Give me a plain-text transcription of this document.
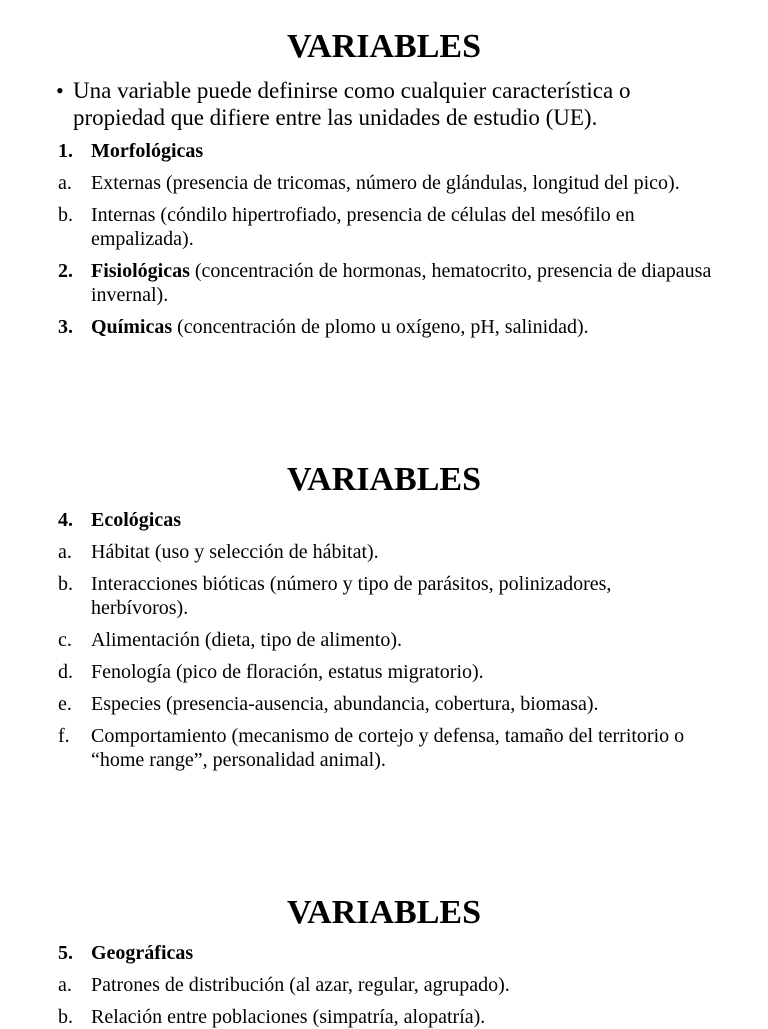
VARIABLES
• Una variable puede definirse como cualquier característica o propiedad que difiere entre las unidades de estudio (UE).
1. Morfológicas
a. Externas (presencia de tricomas, número de glándulas, longitud del pico).
b. Internas (cóndilo hipertrofiado, presencia de células del mesófilo en empalizada).
2. Fisiológicas (concentración de hormonas, hematocrito, presencia de diapausa invernal).
3. Químicas (concentración de plomo u oxígeno, pH, salinidad).
VARIABLES
4. Ecológicas
a. Hábitat (uso y selección de hábitat).
b. Interacciones bióticas (número y tipo de parásitos, polinizadores, herbívoros).
c. Alimentación (dieta, tipo de alimento).
d. Fenología (pico de floración, estatus migratorio).
e. Especies (presencia-ausencia, abundancia, cobertura, biomasa).
f. Comportamiento (mecanismo de cortejo y defensa, tamaño del territorio o “home range”, personalidad animal).
VARIABLES
5. Geográficas
a. Patrones de distribución (al azar, regular, agrupado).
b. Relación entre poblaciones (simpatría, alopatría).
